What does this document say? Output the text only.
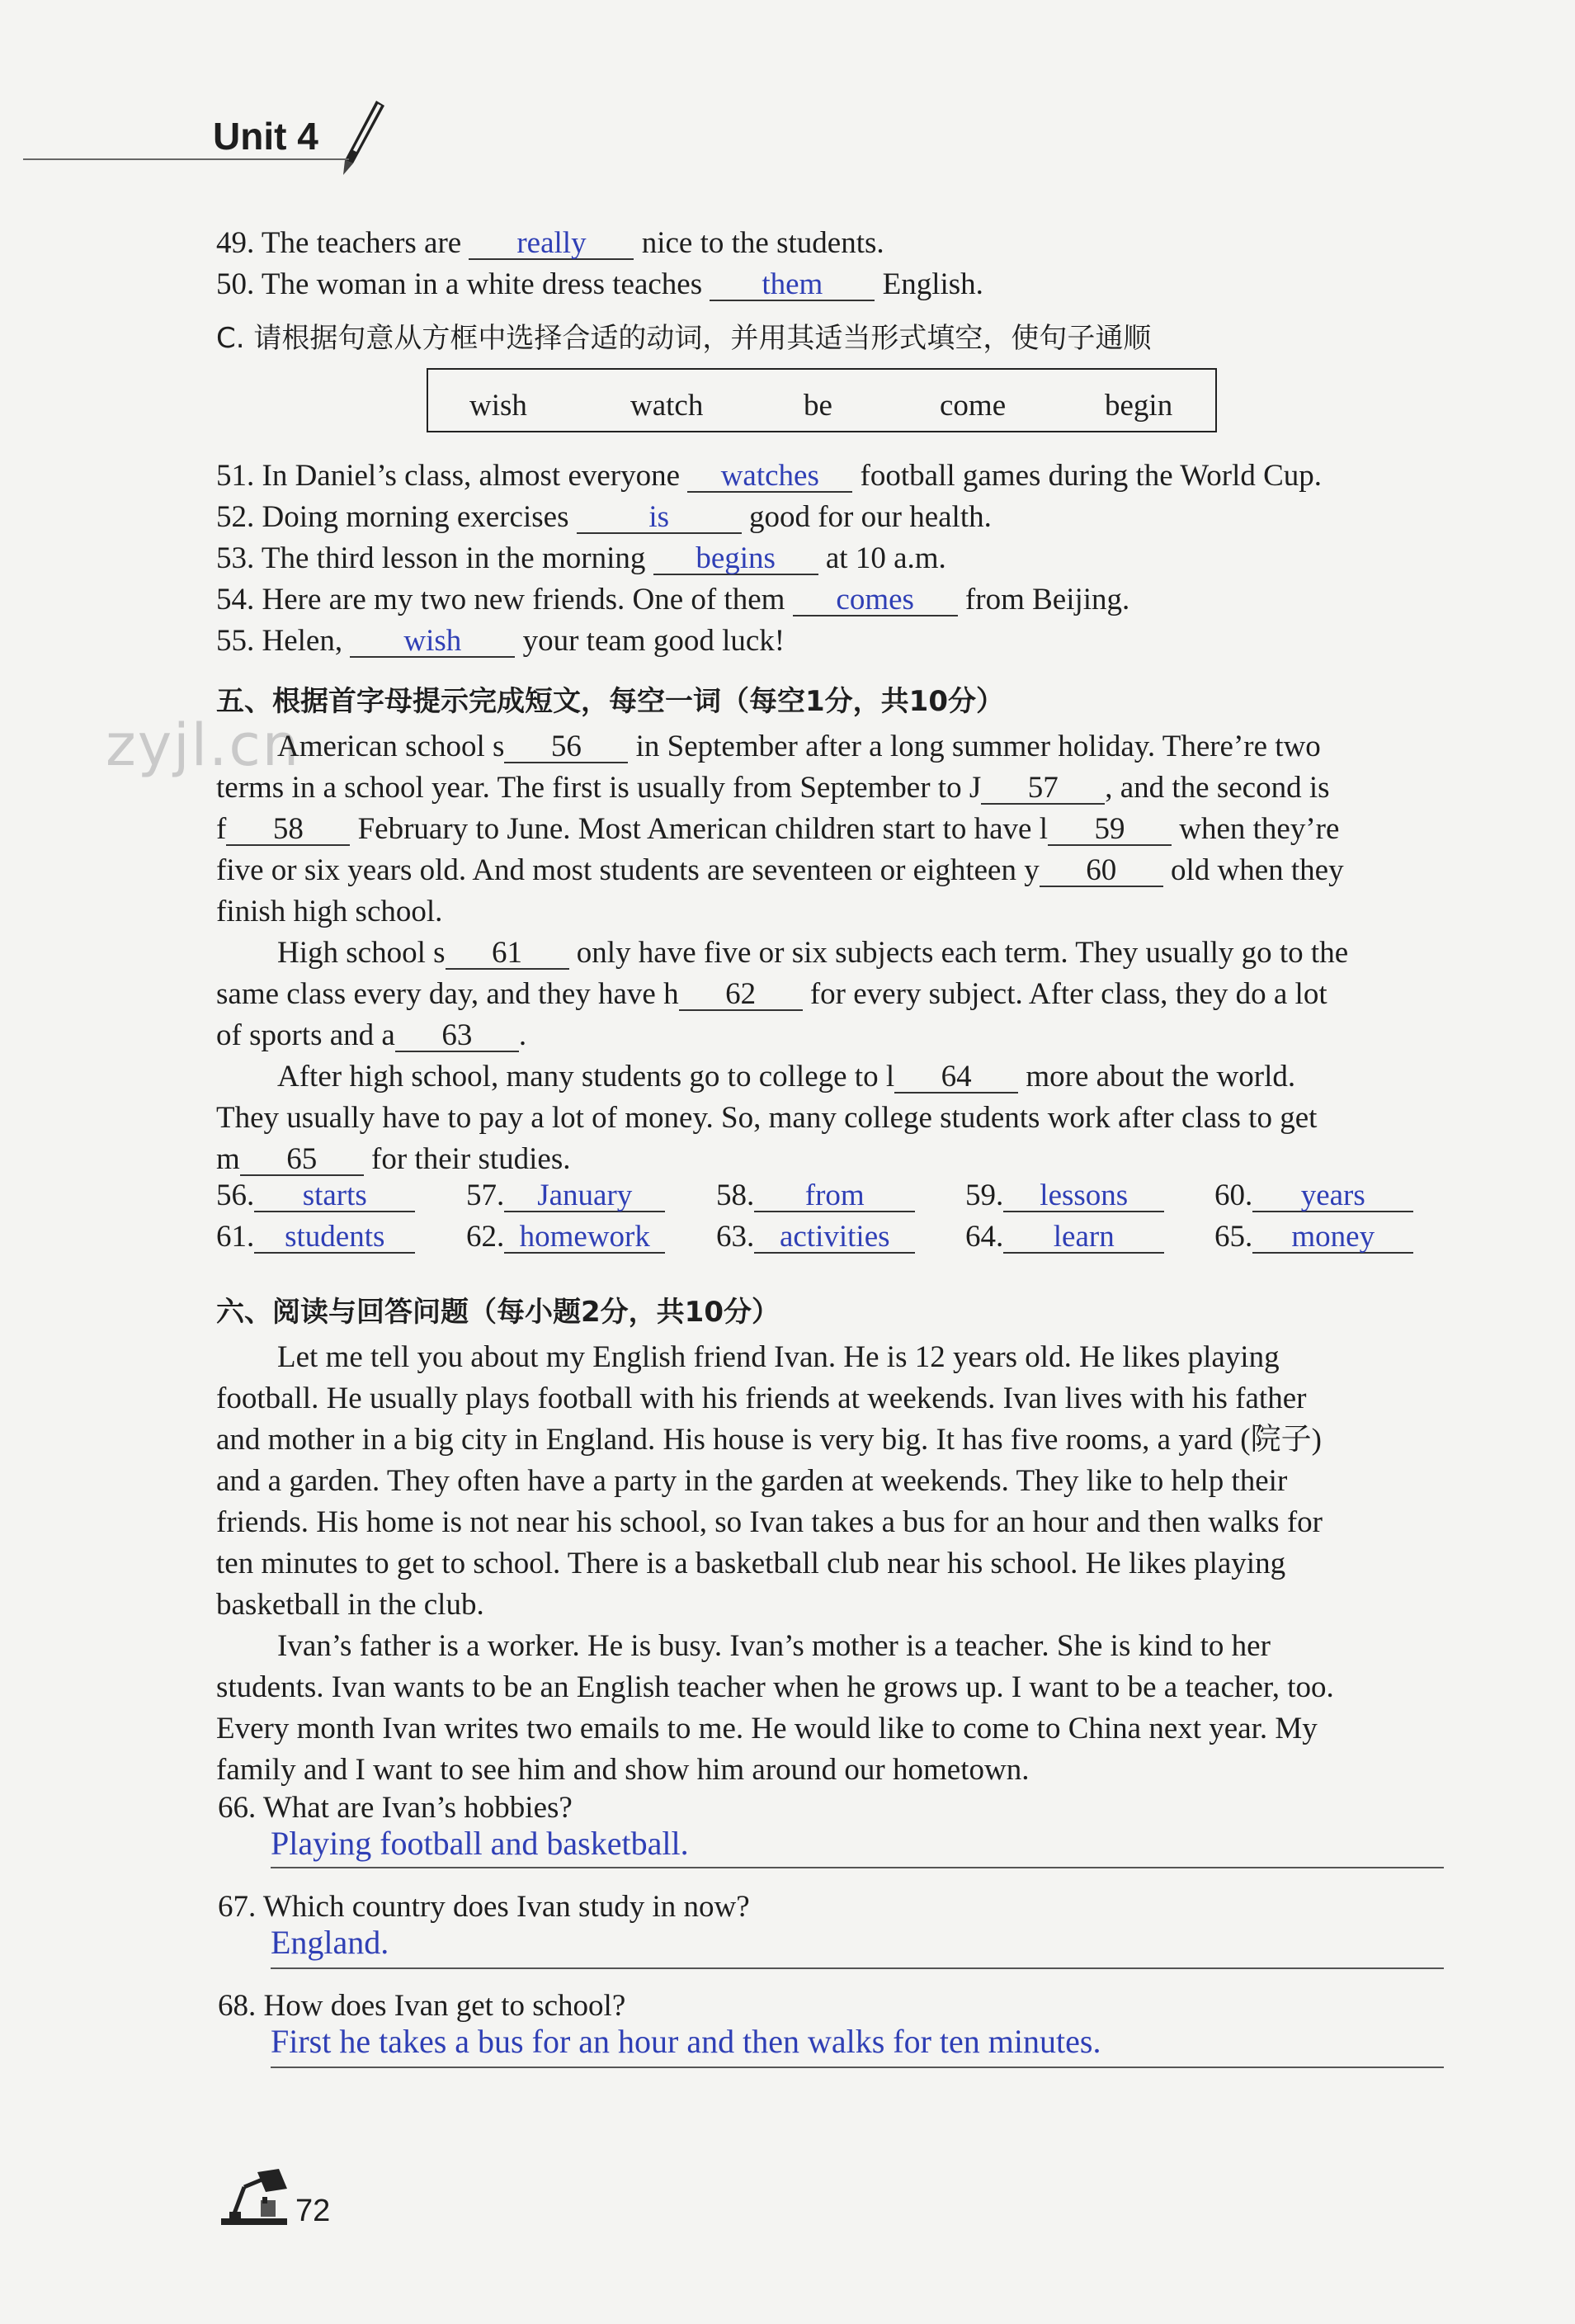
Unit 4
49. The teachers are really nice to the students.
50. The woman in a white dress teaches them English.
C. 请根据句意从方框中选择合适的动词，并用其适当形式填空，使句子通顺
wish	watch	be	come	begin
51. In Daniel’s class, almost everyone watches football games during the World Cup.
52. Doing morning exercises	is	good for our health.
53. The third lesson in the morning begins at 10 a.m.
54. Here are my two new friends. One of them comes from Beijing.
55. Helen, wish your team good luck!
五、根据首字母提示完成短文，每空一词（每空1分，共10分）
zyjl.cn
American school s 56 in September after a long summer holiday. There’re two
terms in a school year. The first is usually from September to J 57 , and the second is
f 58 February to June. Most American children start to have l 59 when they’re
five or six years old. And most students are seventeen or eighteen y 60 old when they
finish high school.
High school s 61 only have five or six subjects each term. They usually go to the
same class every day, and they have h 62 for every subject. After class, they do a lot
of sports and a 63 .
After high school, many students go to college to l 64 more about the world.
They usually have to pay a lot of money. So, many college students work after class to get
m 65 for their studies.
56. starts	57. January	58. from	59. lessons	60. years
61. students	62. homework	63. activities	64. learn	65. money
六、阅读与回答问题（每小题2分，共10分）
Let me tell you about my English friend Ivan. He is 12 years old. He likes playing
football. He usually plays football with his friends at weekends. Ivan lives with his father
and mother in a big city in England. His house is very big. It has five rooms, a yard (院子)
and a garden. They often have a party in the garden at weekends. They like to help their
friends. His home is not near his school, so Ivan takes a bus for an hour and then walks for
ten minutes to get to school. There is a basketball club near his school. He likes playing
basketball in the club.
Ivan’s father is a worker. He is busy. Ivan’s mother is a teacher. She is kind to her
students. Ivan wants to be an English teacher when he grows up. I want to be a teacher, too.
Every month Ivan writes two emails to me. He would like to come to China next year. My
family and I want to see him and show him around our hometown.
66. What are Ivan’s hobbies?
Playing football and basketball.
67. Which country does Ivan study in now?
England.
68. How does Ivan get to school?
First he takes a bus for an hour and then walks for ten minutes.
72
